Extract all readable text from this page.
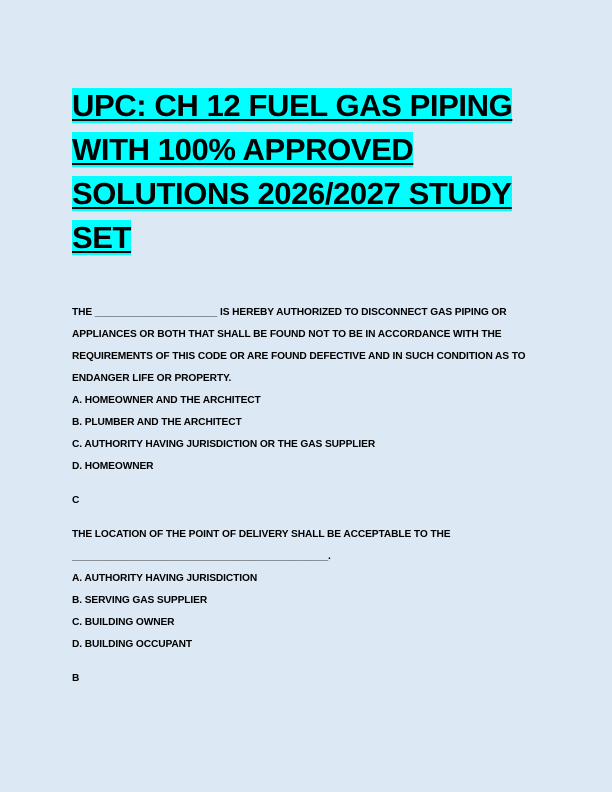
UPC: CH 12 FUEL GAS PIPING
WITH 100% APPROVED
SOLUTIONS 2026/2027 STUDY
SET

THE ______________________ IS HEREBY AUTHORIZED TO DISCONNECT GAS PIPING OR APPLIANCES OR BOTH THAT SHALL BE FOUND NOT TO BE IN ACCORDANCE WITH THE REQUIREMENTS OF THIS CODE OR ARE FOUND DEFECTIVE AND IN SUCH CONDITION AS TO ENDANGER LIFE OR PROPERTY.

A. HOMEOWNER AND THE ARCHITECT

B. PLUMBER AND THE ARCHITECT

C. AUTHORITY HAVING JURISDICTION OR THE GAS SUPPLIER

D. HOMEOWNER

C

THE LOCATION OF THE POINT OF DELIVERY SHALL BE ACCEPTABLE TO THE ______________________________________________.

A. AUTHORITY HAVING JURISDICTION

B. SERVING GAS SUPPLIER

C. BUILDING OWNER

D. BUILDING OCCUPANT

B
